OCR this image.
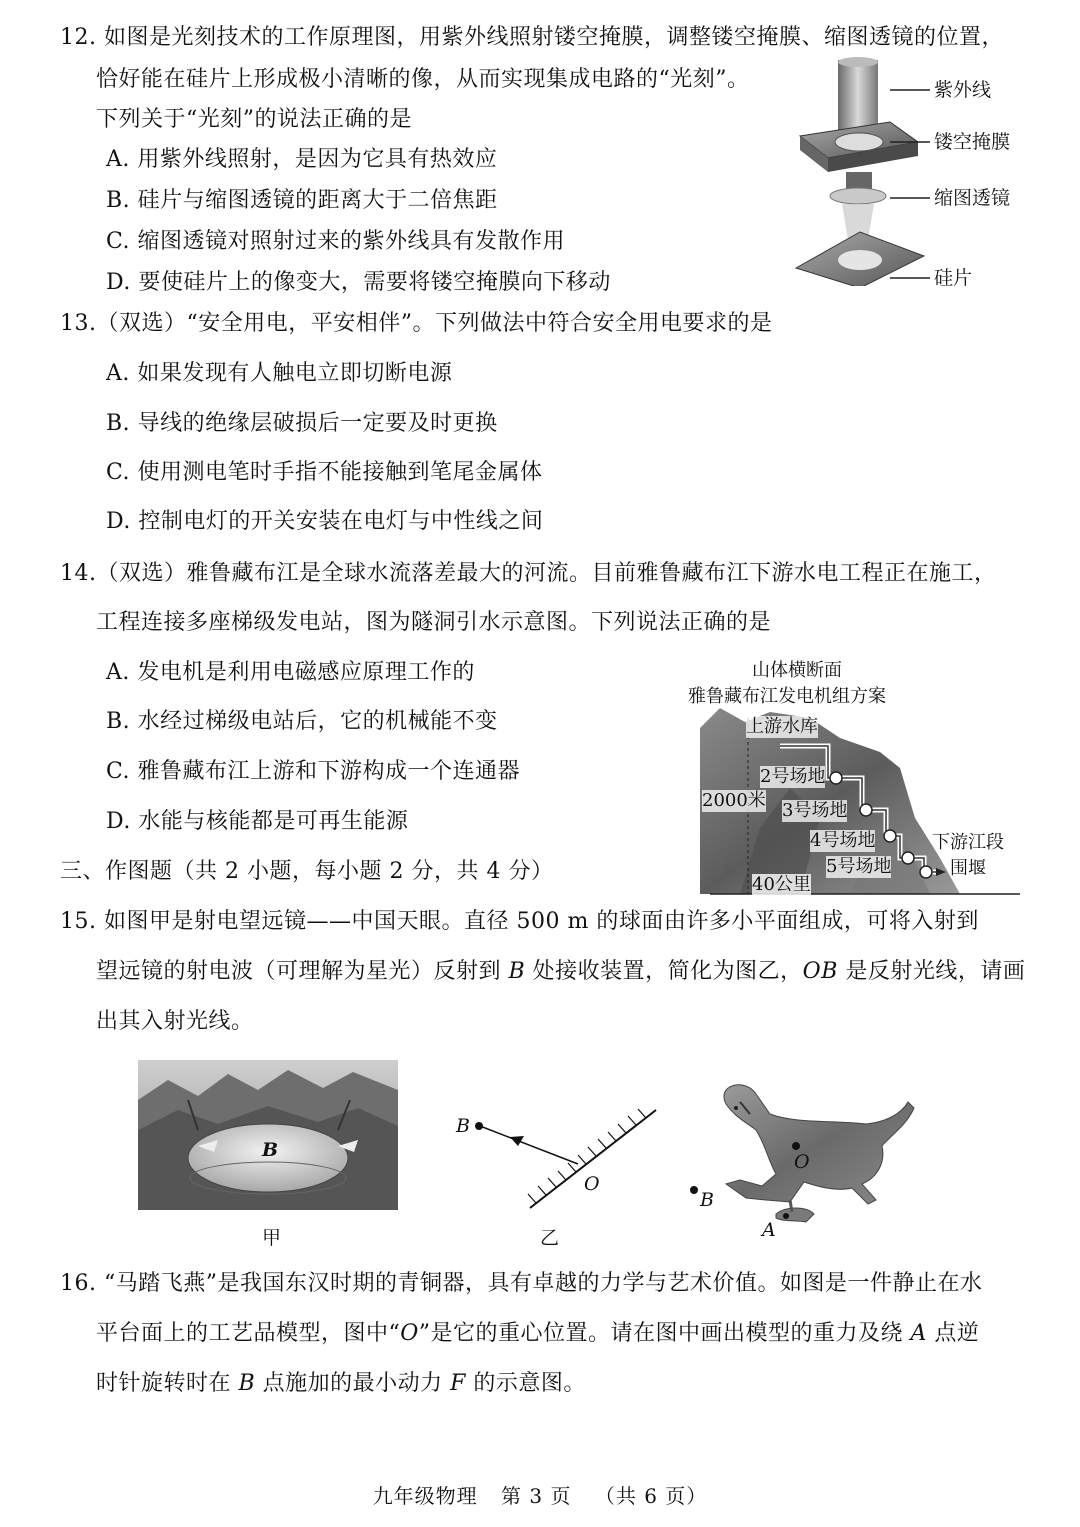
12. 如图是光刻技术的工作原理图，用紫外线照射镂空掩膜，调整镂空掩膜、缩图透镜的位置，
恰好能在硅片上形成极小清晰的像，从而实现集成电路的“光刻”。
下列关于“光刻”的说法正确的是
A. 用紫外线照射，是因为它具有热效应
B. 硅片与缩图透镜的距离大于二倍焦距
C. 缩图透镜对照射过来的紫外线具有发散作用
D. 要使硅片上的像变大，需要将镂空掩膜向下移动
紫外线
镂空掩膜
缩图透镜
硅片
13.（双选）“安全用电，平安相伴”。下列做法中符合安全用电要求的是
A. 如果发现有人触电立即切断电源
B. 导线的绝缘层破损后一定要及时更换
C. 使用测电笔时手指不能接触到笔尾金属体
D. 控制电灯的开关安装在电灯与中性线之间
14.（双选）雅鲁藏布江是全球水流落差最大的河流。目前雅鲁藏布江下游水电工程正在施工，
工程连接多座梯级发电站，图为隧洞引水示意图。下列说法正确的是
A. 发电机是利用电磁感应原理工作的
B. 水经过梯级电站后，它的机械能不变
C. 雅鲁藏布江上游和下游构成一个连通器
D. 水能与核能都是可再生能源
山体横断面
雅鲁藏布江发电机组方案
上游水库
2号场地
3号场地
4号场地
5号场地
2000米
40公里
下游江段
围堰
三、作图题（共 2 小题，每小题 2 分，共 4 分）
15. 如图甲是射电望远镜——中国天眼。直径 500 m 的球面由许多小平面组成，可将入射到
望远镜的射电波（可理解为星光）反射到 B 处接收装置，简化为图乙，OB 是反射光线，请画
出其入射光线。
B
甲
B
O
乙
O
B
A
16. “马踏飞燕”是我国东汉时期的青铜器，具有卓越的力学与艺术价值。如图是一件静止在水
平台面上的工艺品模型，图中“O”是它的重心位置。请在图中画出模型的重力及绕 A 点逆
时针旋转时在 B 点施加的最小动力 F 的示意图。
九年级物理 第 3 页 （共 6 页）
